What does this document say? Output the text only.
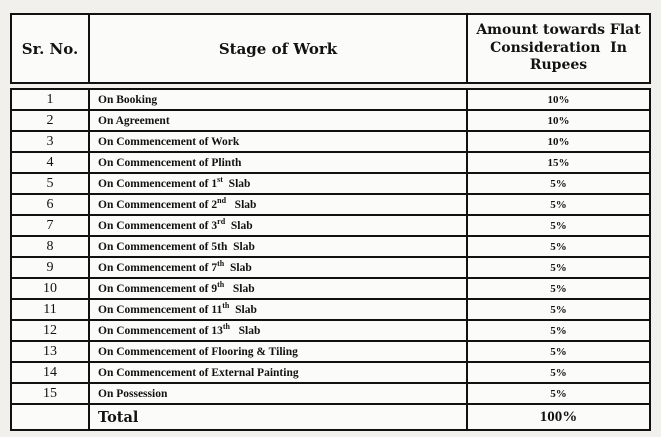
Sr. No.	Stage of Work	Amount towards Flat Consideration  In Rupees
1	On Booking	10%
2	On Agreement	10%
3	On Commencement of Work	10%
4	On Commencement of Plinth	15%
5	On Commencement of 1st  Slab	5%
6	On Commencement of 2nd   Slab	5%
7	On Commencement of 3rd  Slab	5%
8	On Commencement of 5th  Slab	5%
9	On Commencement of 7th  Slab	5%
10	On Commencement of 9th   Slab	5%
11	On Commencement of 11th  Slab	5%
12	On Commencement of 13th   Slab	5%
13	On Commencement of Flooring & Tiling	5%
14	On Commencement of External Painting	5%
15	On Possession	5%
	Total	100%
